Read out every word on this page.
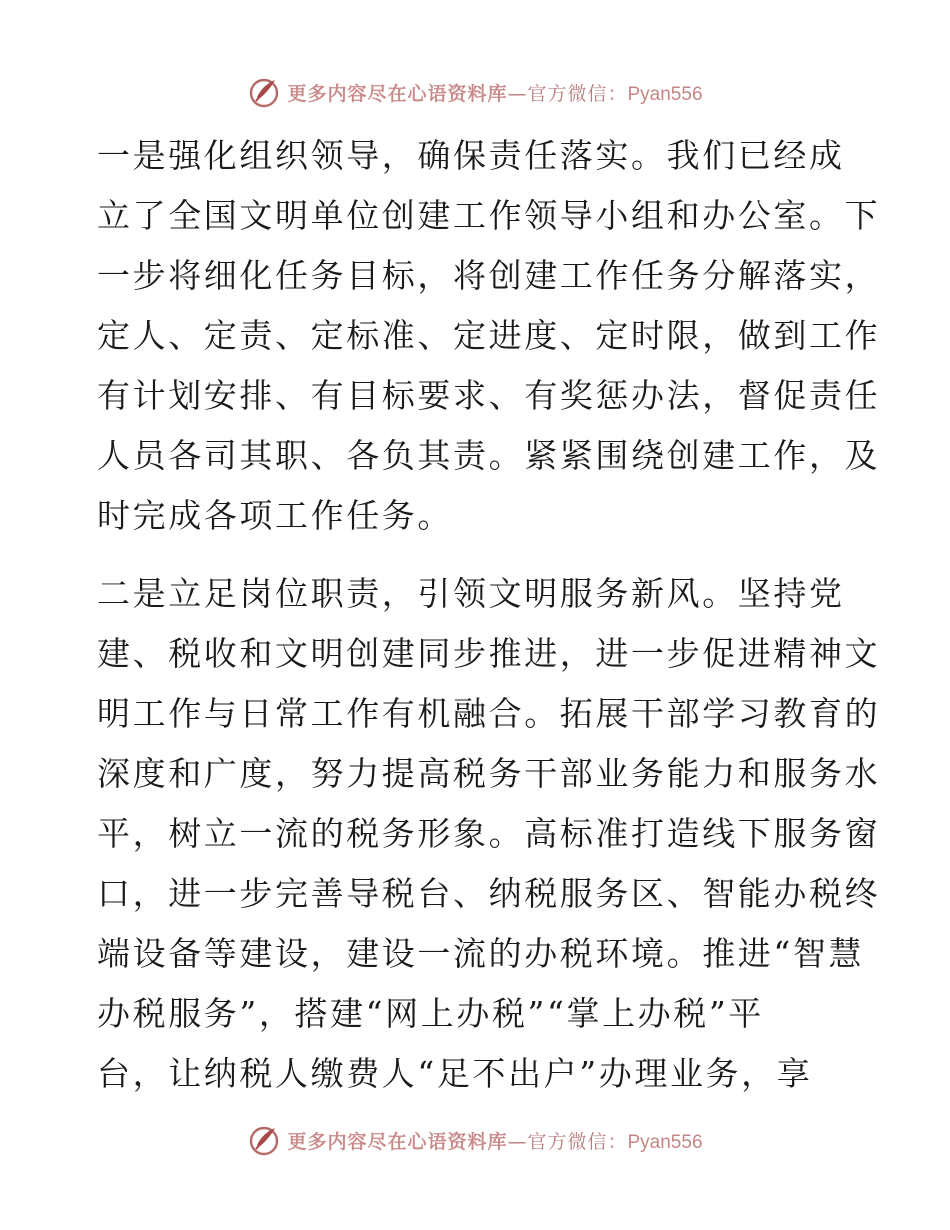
更多内容尽在心语资料库—官方微信：Pyan556

一是强化组织领导，确保责任落实。我们已经成
立了全国文明单位创建工作领导小组和办公室。下
一步将细化任务目标，将创建工作任务分解落实，
定人、定责、定标准、定进度、定时限，做到工作
有计划安排、有目标要求、有奖惩办法，督促责任
人员各司其职、各负其责。紧紧围绕创建工作，及
时完成各项工作任务。

二是立足岗位职责，引领文明服务新风。坚持党
建、税收和文明创建同步推进，进一步促进精神文
明工作与日常工作有机融合。拓展干部学习教育的
深度和广度，努力提高税务干部业务能力和服务水
平，树立一流的税务形象。高标准打造线下服务窗
口，进一步完善导税台、纳税服务区、智能办税终
端设备等建设，建设一流的办税环境。推进“智慧
办税服务”，搭建“网上办税”“掌上办税”平
台，让纳税人缴费人“足不出户”办理业务，享

更多内容尽在心语资料库—官方微信：Pyan556
